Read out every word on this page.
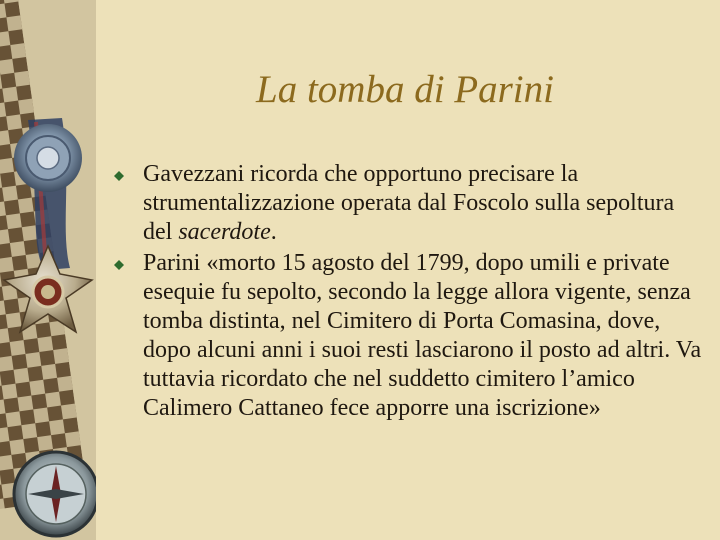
La tomba di Parini
Gavezzani ricorda che opportuno precisare la strumentalizzazione operata dal Foscolo sulla sepoltura del sacerdote.
Parini «morto 15 agosto del 1799, dopo umili e private esequie fu sepolto, secondo la legge allora vigente, senza tomba distinta, nel Cimitero di Porta Comasina, dove, dopo alcuni anni i suoi resti lasciarono il posto ad altri. Va tuttavia ricordato che nel suddetto cimitero l’amico Calimero Cattaneo fece apporre una iscrizione»
